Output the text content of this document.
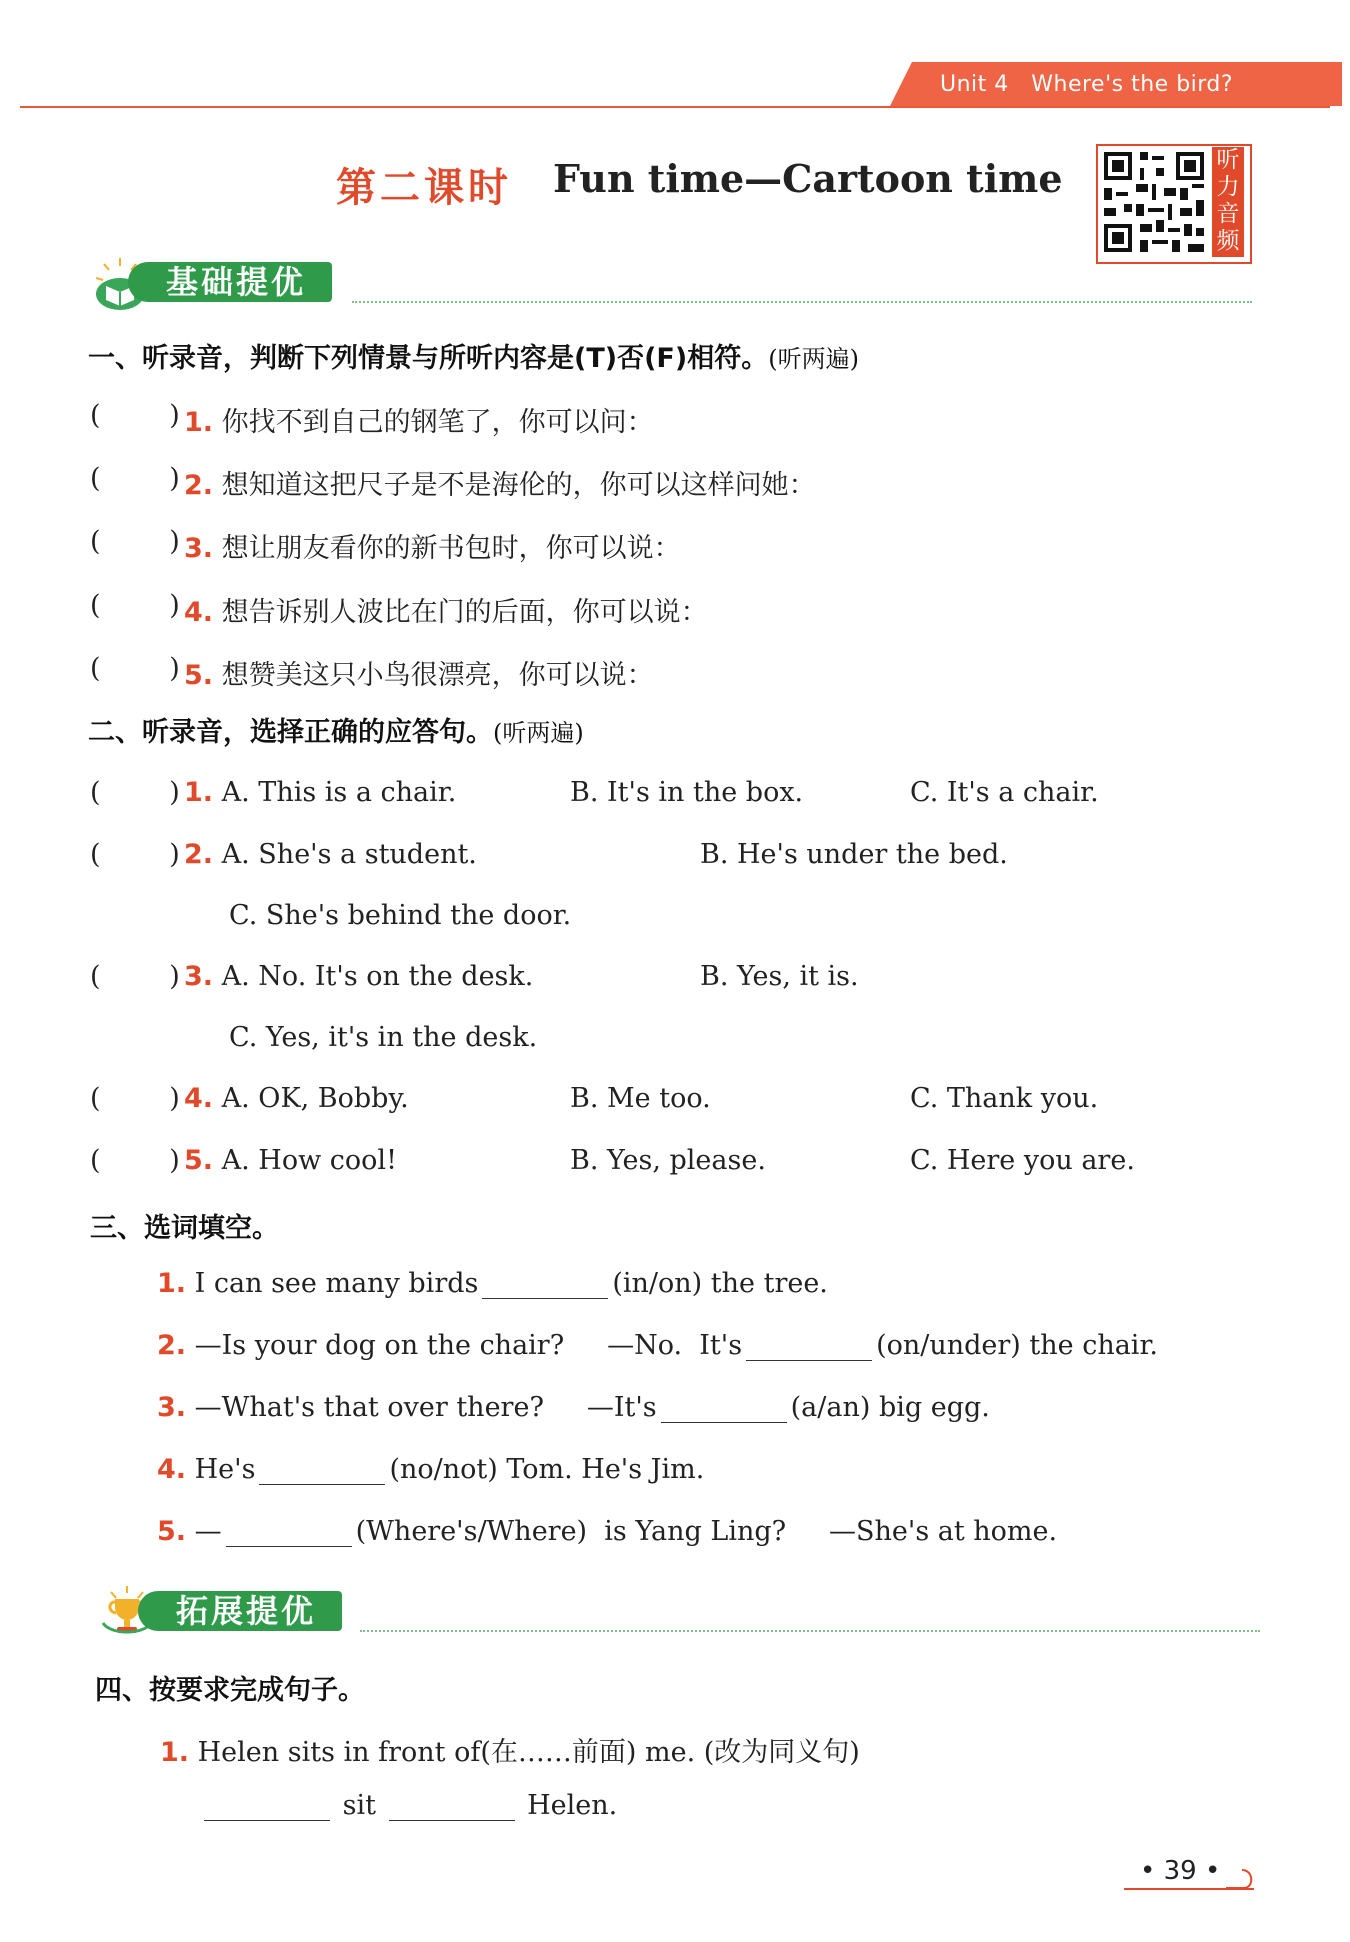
Unit 4 Where's the bird?
第二课时 Fun time—Cartoon time	听
力
音
频
基础提优
一、听录音，判断下列情景与所听内容是(T)否(F)相符。(听两遍)
(        ) 1. 你找不到自己的钢笔了，你可以问：
(        ) 2. 想知道这把尺子是不是海伦的，你可以这样问她：
(        ) 3. 想让朋友看你的新书包时，你可以说：
(        ) 4. 想告诉别人波比在门的后面，你可以说：
(        ) 5. 想赞美这只小鸟很漂亮，你可以说：
二、听录音，选择正确的应答句。(听两遍)
(        ) 1. A. This is a chair.	B. It's in the box.	C. It's a chair.
(        ) 2. A. She's a student.	B. He's under the bed.
C. She's behind the door.
(        ) 3. A. No. It's on the desk.	B. Yes, it is.
C. Yes, it's in the desk.
(        ) 4. A. OK, Bobby.	B. Me too.	C. Thank you.
(        ) 5. A. How cool!	B. Yes, please.	C. Here you are.
三、选词填空。
1. I can see many birds	(in/on) the tree.
2. —Is your dog on the chair?     —No.  It's	(on/under) the chair.
3. —What's that over there?     —It's	(a/an) big egg.
4. He's	(no/not) Tom. He's Jim.
5. —	(Where's/Where)  is Yang Ling?     —She's at home.
拓展提优
四、按要求完成句子。
1. Helen sits in front of(在……前面) me. (改为同义句)
sit	Helen.
• 39 •
